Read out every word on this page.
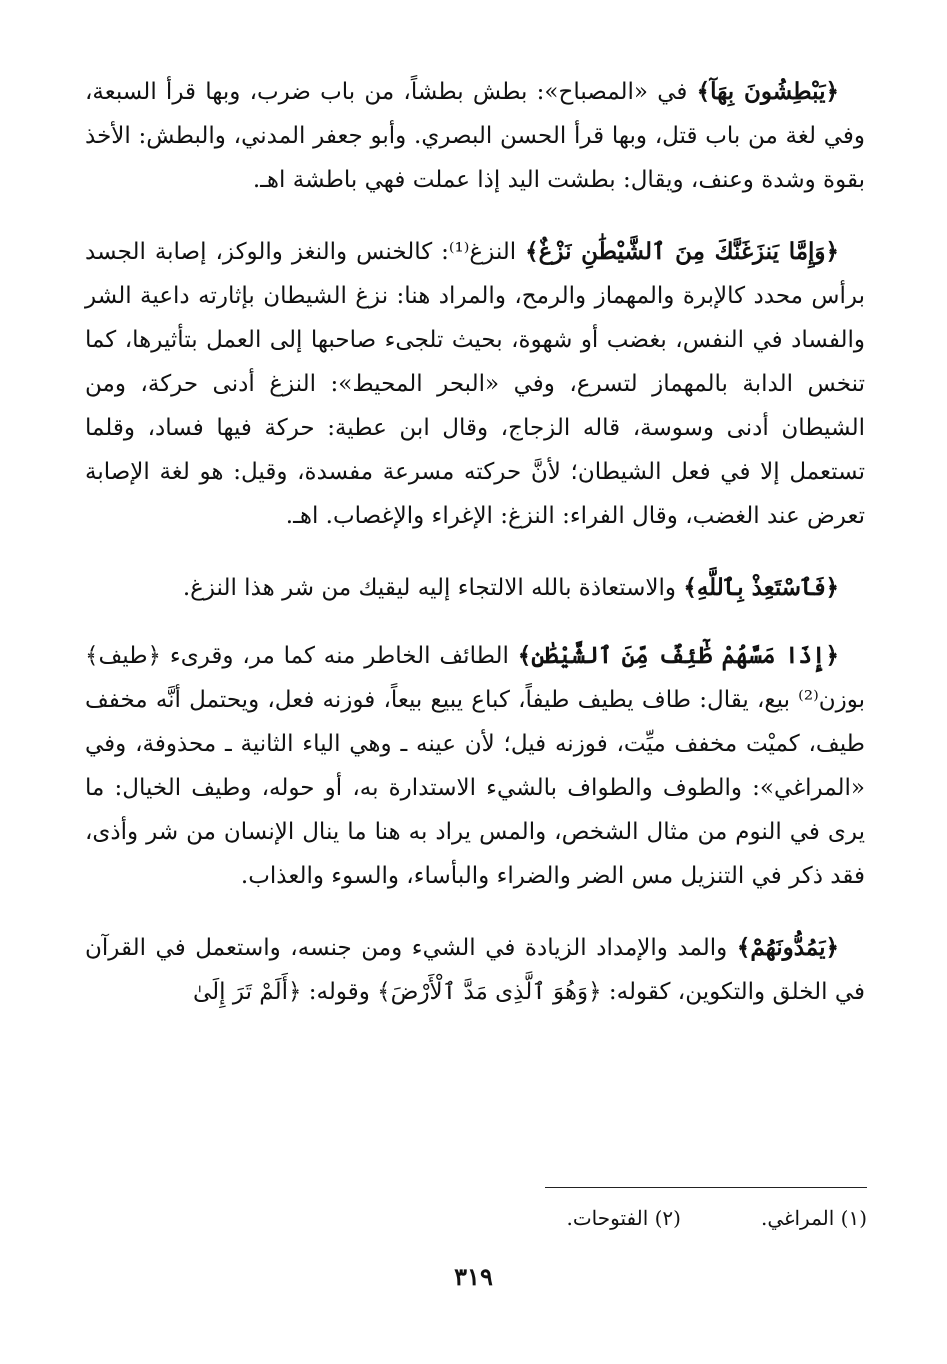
﴿يَبْطِشُونَ بِهَآ﴾ في «المصباح»: بطش بطشاً، من باب ضرب، وبها قرأ السبعة، وفي لغة من باب قتل، وبها قرأ الحسن البصري. وأبو جعفر المدني، والبطش: الأخذ بقوة وشدة وعنف، ويقال: بطشت اليد إذا عملت فهي باطشة اهـ.

﴿وَإِمَّا يَنزَغَنَّكَ مِنَ ٱلشَّيْطَٰنِ نَزْغٌ﴾ النزغ⁽¹⁾: كالخنس والنغز والوكز، إصابة الجسد برأس محدد كالإبرة والمهماز والرمح، والمراد هنا: نزغ الشيطان بإثارته داعية الشر والفساد في النفس، بغضب أو شهوة، بحيث تلجىء صاحبها إلى العمل بتأثيرها، كما تنخس الدابة بالمهماز لتسرع، وفي «البحر المحيط»: النزغ أدنى حركة، ومن الشيطان أدنى وسوسة، قاله الزجاج، وقال ابن عطية: حركة فيها فساد، وقلما تستعمل إلا في فعل الشيطان؛ لأنَّ حركته مسرعة مفسدة، وقيل: هو لغة الإصابة تعرض عند الغضب، وقال الفراء: النزغ: الإغراء والإغصاب. اهـ.

﴿فَٱسْتَعِذْ بِٱللَّهِ﴾ والاستعاذة بالله الالتجاء إليه ليقيك من شر هذا النزغ.

﴿إِذَا مَسَّهُمْ طَٰٓئِفٌ مِّنَ ٱلشَّيْطَٰنِ﴾ الطائف الخاطر منه كما مر، وقرىء ﴿طيف﴾ بوزن⁽²⁾ بيع، يقال: طاف يطيف طيفاً، كباع يبيع بيعاً، فوزنه فعل، ويحتمل أنَّه مخفف طيف، كميْت مخفف ميِّت، فوزنه فيل؛ لأن عينه ـ وهي الياء الثانية ـ محذوفة، وفي «المراغي»: والطوف والطواف بالشيء الاستدارة به، أو حوله، وطيف الخيال: ما يرى في النوم من مثال الشخص، والمس يراد به هنا ما ينال الإنسان من شر وأذى، فقد ذكر في التنزيل مس الضر والضراء والبأساء، والسوء والعذاب.

﴿يَمُدُّونَهُمْ﴾ والمد والإمداد الزيادة في الشيء ومن جنسه، واستعمل في القرآن في الخلق والتكوين، كقوله: ﴿وَهُوَ ٱلَّذِى مَدَّ ٱلْأَرْضَ﴾ وقوله: ﴿أَلَمْ تَرَ إِلَىٰ

(١) المراغي.
(٢) الفتوحات.
٣١٩
